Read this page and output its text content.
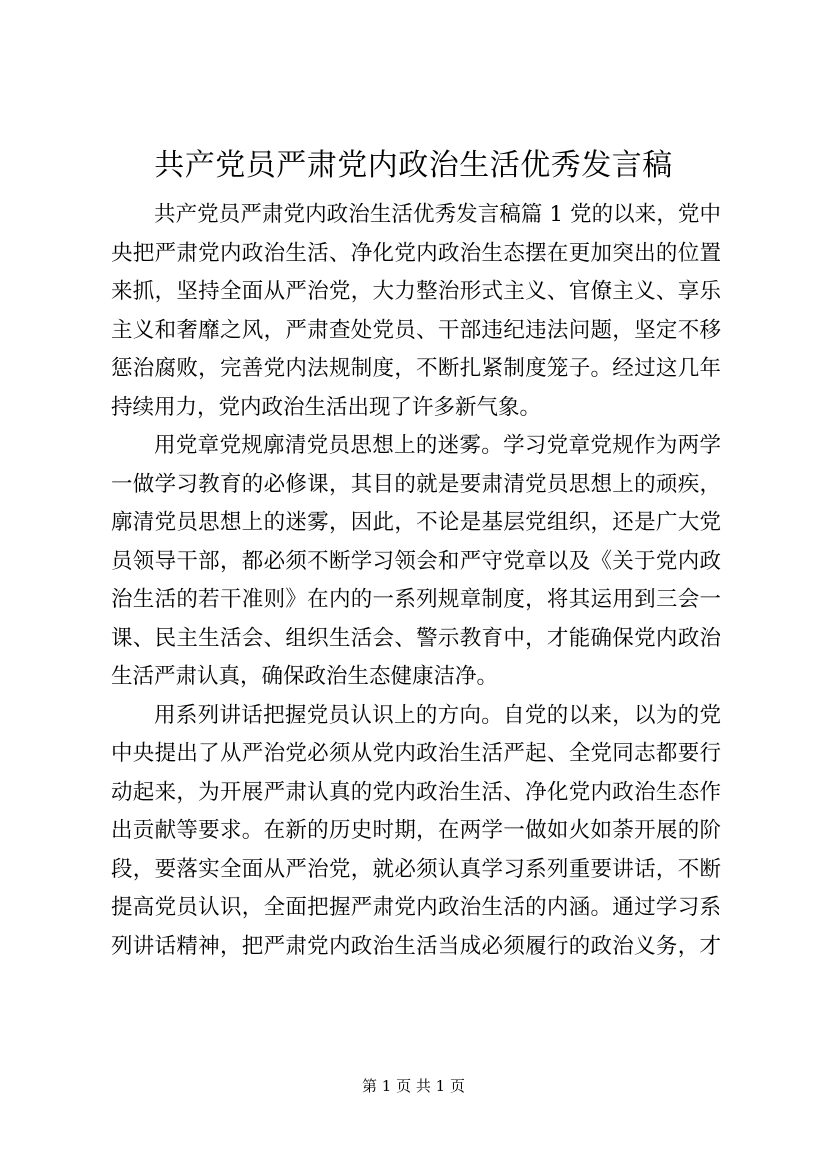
共产党员严肃党内政治生活优秀发言稿
共产党员严肃党内政治生活优秀发言稿篇 1 党的以来，党中
央把严肃党内政治生活、净化党内政治生态摆在更加突出的位置
来抓，坚持全面从严治党，大力整治形式主义、官僚主义、享乐
主义和奢靡之风，严肃查处党员、干部违纪违法问题，坚定不移
惩治腐败，完善党内法规制度，不断扎紧制度笼子。经过这几年
持续用力，党内政治生活出现了许多新气象。
用党章党规廓清党员思想上的迷雾。学习党章党规作为两学
一做学习教育的必修课，其目的就是要肃清党员思想上的顽疾，
廓清党员思想上的迷雾，因此，不论是基层党组织，还是广大党
员领导干部，都必须不断学习领会和严守党章以及《关于党内政
治生活的若干准则》在内的一系列规章制度，将其运用到三会一
课、民主生活会、组织生活会、警示教育中，才能确保党内政治
生活严肃认真，确保政治生态健康洁净。
用系列讲话把握党员认识上的方向。自党的以来，以为的党
中央提出了从严治党必须从党内政治生活严起、全党同志都要行
动起来，为开展严肃认真的党内政治生活、净化党内政治生态作
出贡献等要求。在新的历史时期，在两学一做如火如荼开展的阶
段，要落实全面从严治党，就必须认真学习系列重要讲话，不断
提高党员认识，全面把握严肃党内政治生活的内涵。通过学习系
列讲话精神，把严肃党内政治生活当成必须履行的政治义务，才
第 1 页 共 1 页
